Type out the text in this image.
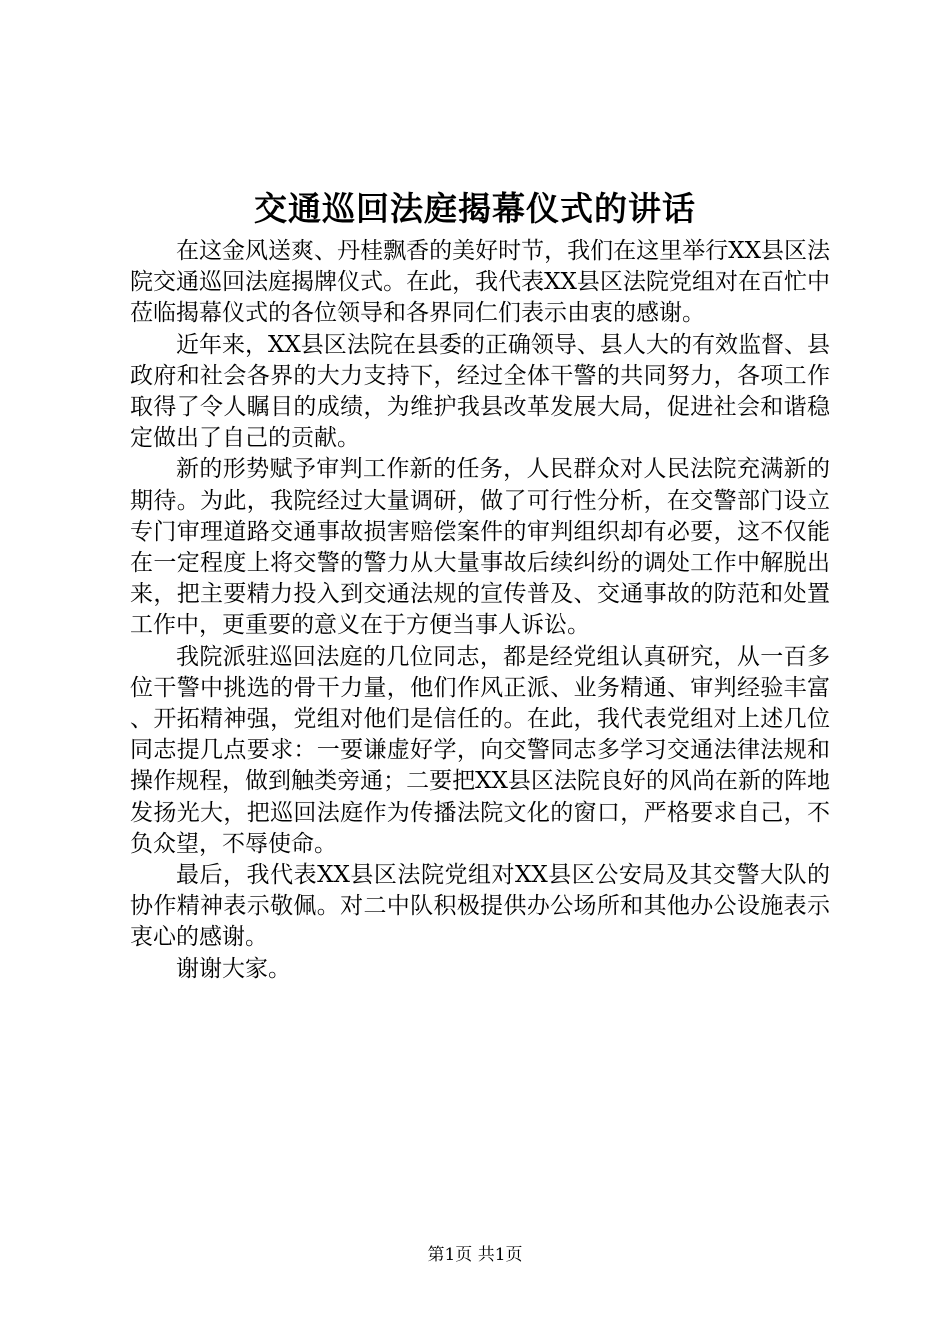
交通巡回法庭揭幕仪式的讲话

在这金风送爽、丹桂飘香的美好时节，我们在这里举行XX县区法院交通巡回法庭揭牌仪式。在此，我代表XX县区法院党组对在百忙中莅临揭幕仪式的各位领导和各界同仁们表示由衷的感谢。

近年来，XX县区法院在县委的正确领导、县人大的有效监督、县政府和社会各界的大力支持下，经过全体干警的共同努力，各项工作取得了令人瞩目的成绩，为维护我县改革发展大局，促进社会和谐稳定做出了自己的贡献。

新的形势赋予审判工作新的任务，人民群众对人民法院充满新的期待。为此，我院经过大量调研，做了可行性分析，在交警部门设立专门审理道路交通事故损害赔偿案件的审判组织却有必要，这不仅能在一定程度上将交警的警力从大量事故后续纠纷的调处工作中解脱出来，把主要精力投入到交通法规的宣传普及、交通事故的防范和处置工作中，更重要的意义在于方便当事人诉讼。

我院派驻巡回法庭的几位同志，都是经党组认真研究，从一百多位干警中挑选的骨干力量，他们作风正派、业务精通、审判经验丰富、开拓精神强，党组对他们是信任的。在此，我代表党组对上述几位同志提几点要求：一要谦虚好学，向交警同志多学习交通法律法规和操作规程，做到触类旁通；二要把XX县区法院良好的风尚在新的阵地发扬光大，把巡回法庭作为传播法院文化的窗口，严格要求自己，不负众望，不辱使命。

最后，我代表XX县区法院党组对XX县区公安局及其交警大队的协作精神表示敬佩。对二中队积极提供办公场所和其他办公设施表示衷心的感谢。

谢谢大家。

第1页 共1页
